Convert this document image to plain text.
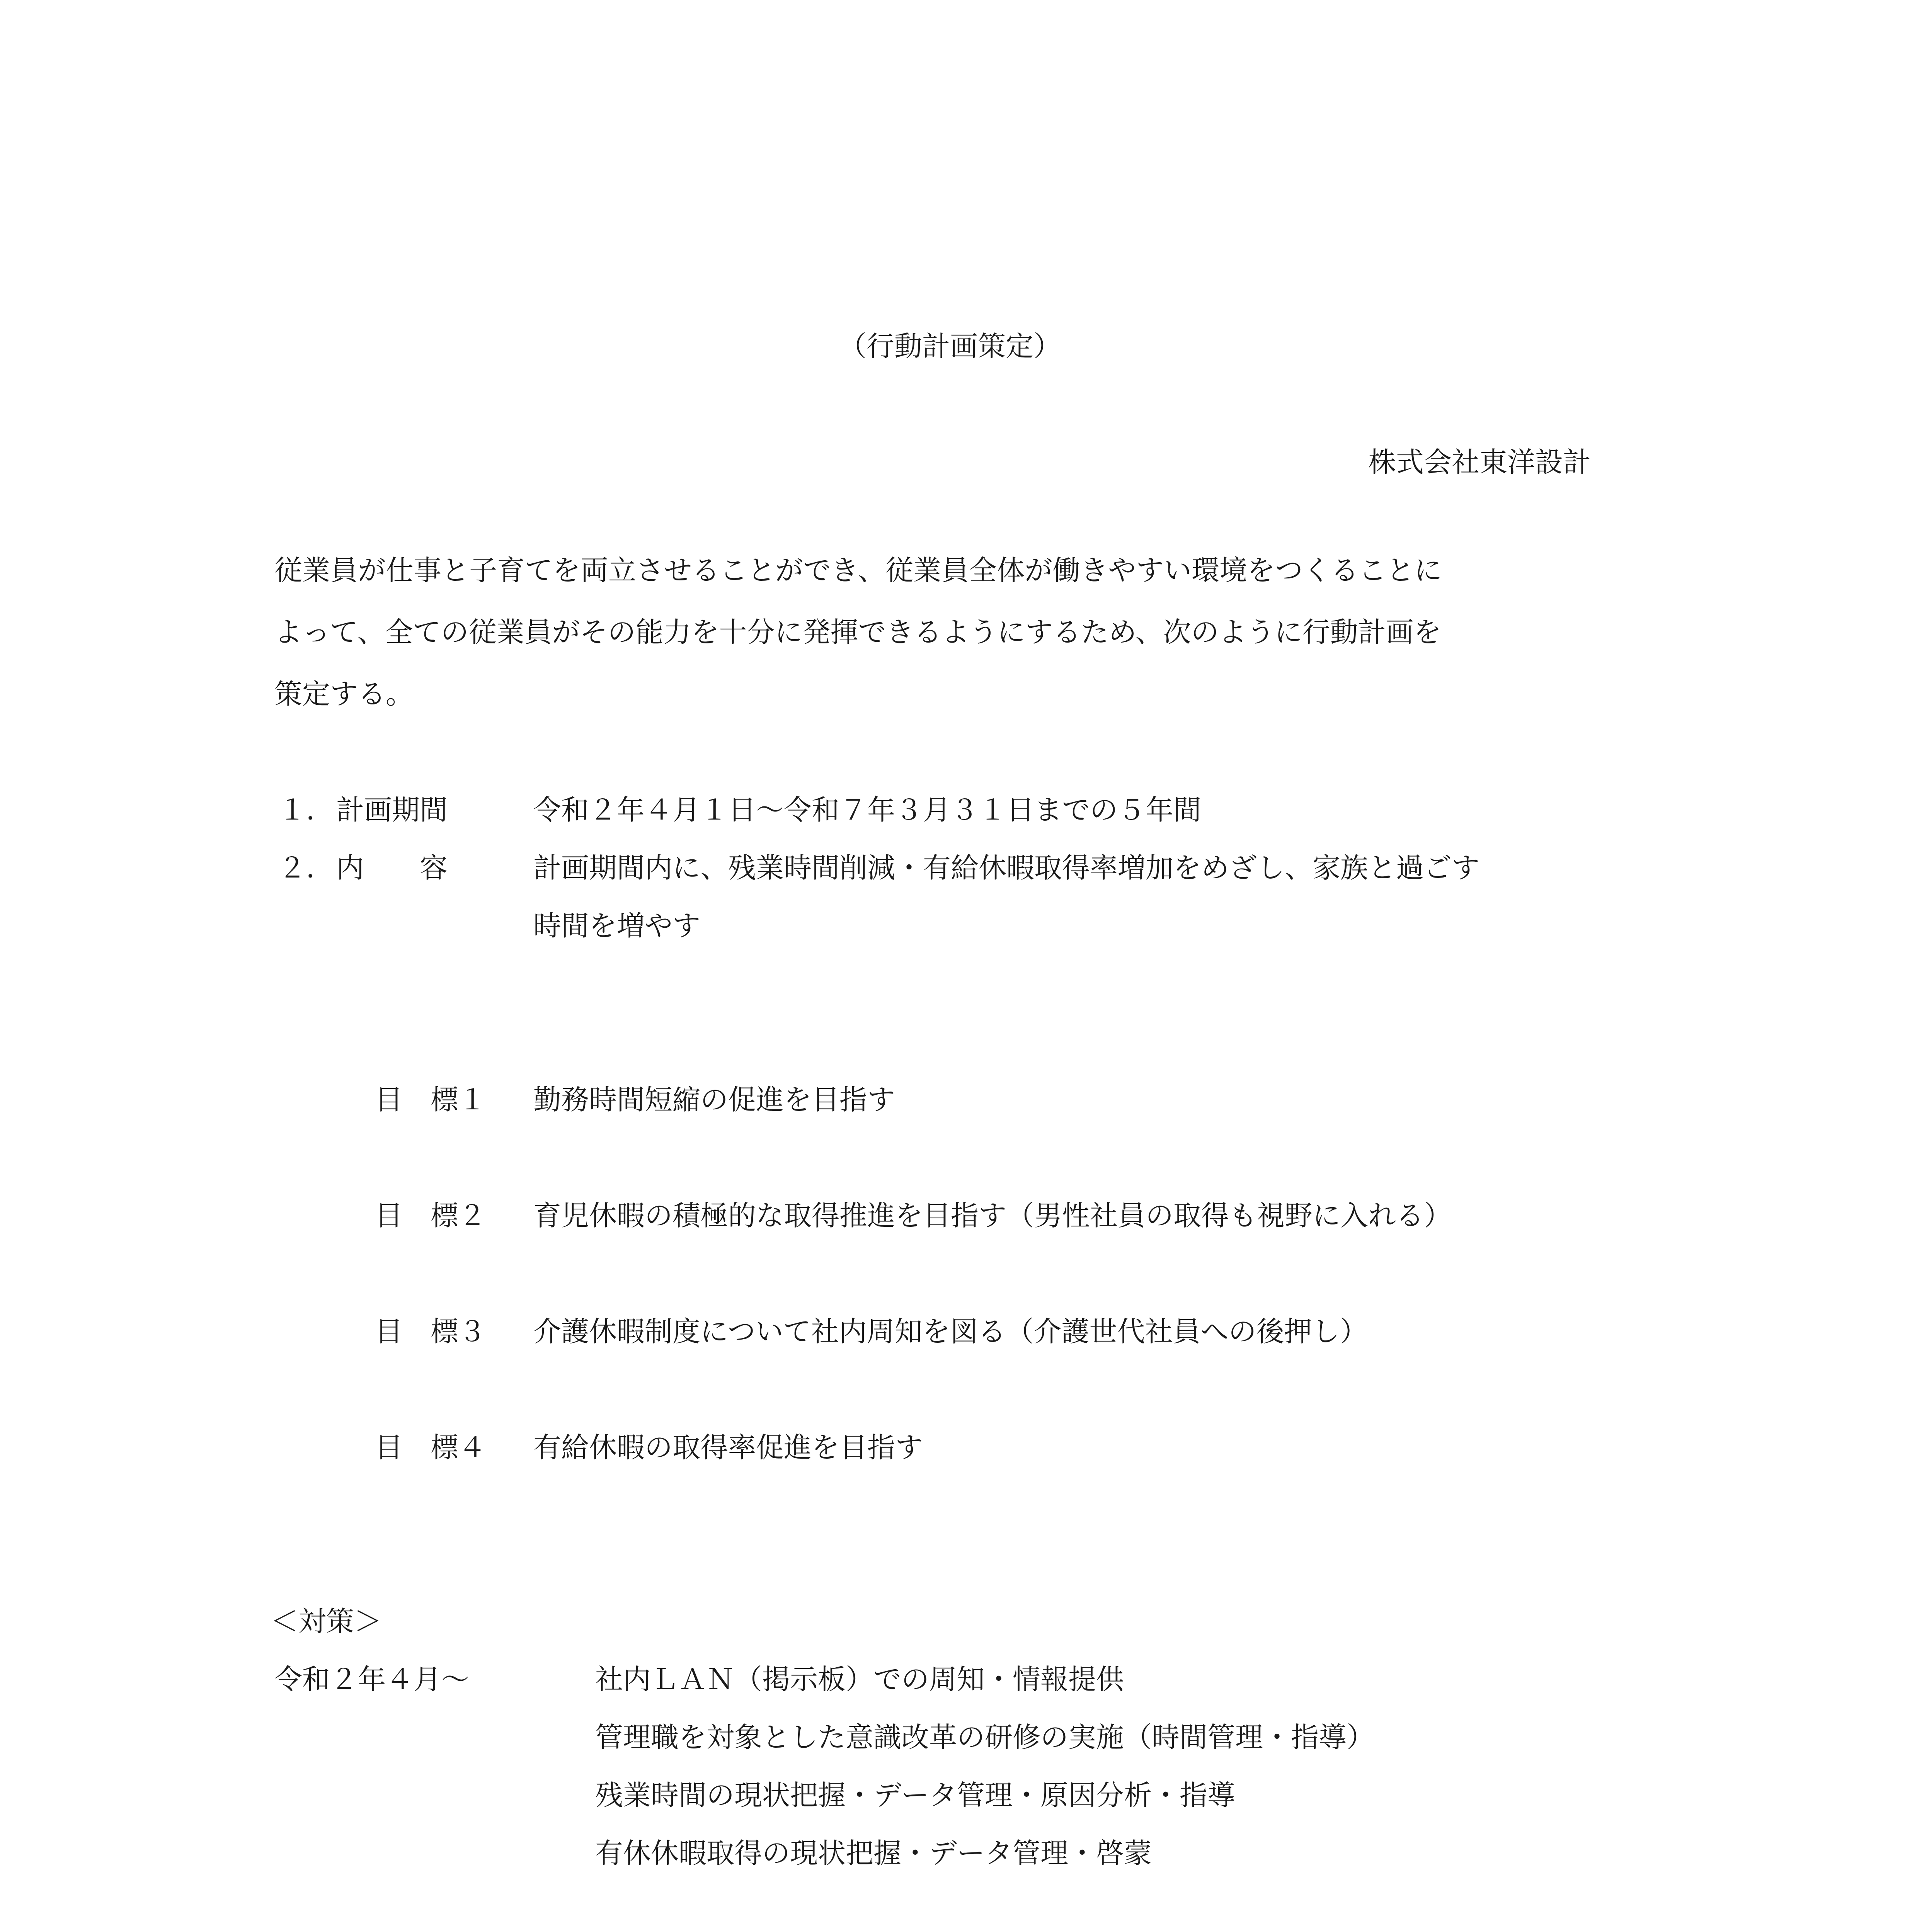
（行動計画策定）
株式会社東洋設計
従業員が仕事と子育てを両立させることができ、従業員全体が働きやすい環境をつくることに
よって、全ての従業員がその能力を十分に発揮できるようにするため、次のように行動計画を
策定する。
１． 計画期間	令和２年４月１日～令和７年３月３１日までの５年間
２． 内　　容	計画期間内に、残業時間削減・有給休暇取得率増加をめざし、家族と過ごす
時間を増やす
目　標１ 勤務時間短縮の促進を目指す
目　標２ 育児休暇の積極的な取得推進を目指す（男性社員の取得も視野に入れる）
目　標３ 介護休暇制度について社内周知を図る（介護世代社員への後押し）
目　標４ 有給休暇の取得率促進を目指す
＜対策＞
令和２年４月～	社内ＬＡＮ（掲示板）での周知・情報提供
管理職を対象とした意識改革の研修の実施（時間管理・指導）
残業時間の現状把握・データ管理・原因分析・指導
有休休暇取得の現状把握・データ管理・啓蒙
